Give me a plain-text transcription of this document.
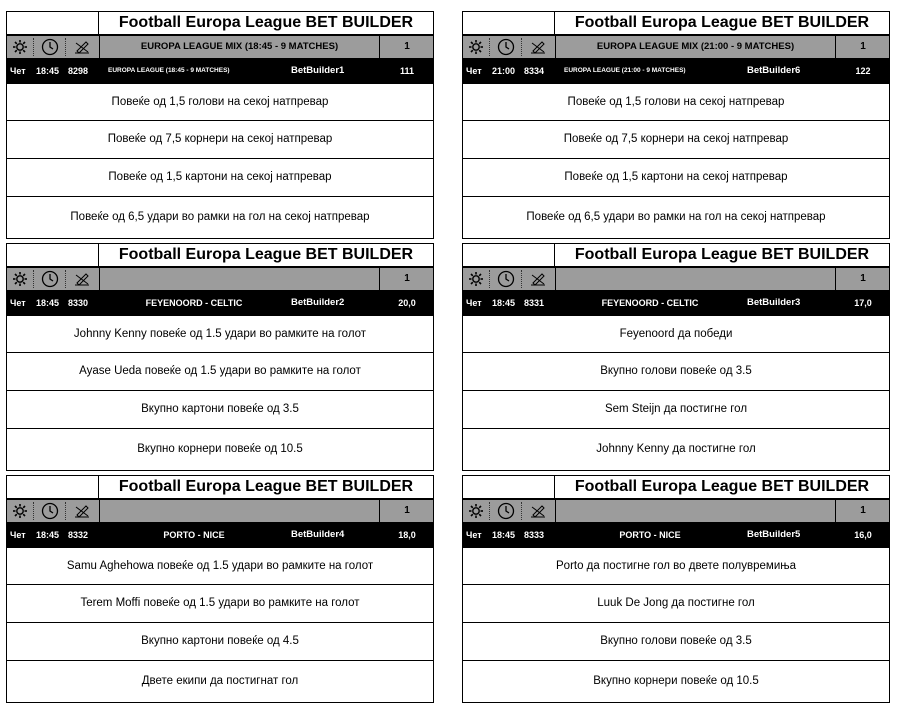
Football Europa League BET BUILDER
EUROPA LEAGUE MIX (18:45 - 9 MATCHES)	1
Чет 18:45 8298	EUROPA LEAGUE (18:45 - 9 MATCHES)	BetBuilder1	111
Повеќе од 1,5 голови на секој натпревар
Повеќе од 7,5 корнери на секој натпревар
Повеќе од 1,5 картони на секој натпревар
Повеќе од 6,5 удари во рамки на гол на секој натпревар
Football Europa League BET BUILDER
EUROPA LEAGUE MIX (21:00 - 9 MATCHES)	1
Чет 21:00 8334	EUROPA LEAGUE (21:00 - 9 MATCHES)	BetBuilder6	122
Повеќе од 1,5 голови на секој натпревар
Повеќе од 7,5 корнери на секој натпревар
Повеќе од 1,5 картони на секој натпревар
Повеќе од 6,5 удари во рамки на гол на секој натпревар
Football Europa League BET BUILDER
1
Чет 18:45 8330	FEYENOORD - CELTIC	BetBuilder2	20,0
Johnny Kenny повеќе од 1.5 удари во рамките на голот
Ayase Ueda повеќе од 1.5 удари во рамките на голот
Вкупно картони повеќе од 3.5
Вкупно корнери повеќе од 10.5
Football Europa League BET BUILDER
1
Чет 18:45 8331	FEYENOORD - CELTIC	BetBuilder3	17,0
Feyenoord да победи
Вкупно голови повеќе од 3.5
Sem Steijn да постигне гол
Johnny Kenny да постигне гол
Football Europa League BET BUILDER
1
Чет 18:45 8332	PORTO - NICE	BetBuilder4	18,0
Samu Aghehowa повеќе од 1.5 удари во рамките на голот
Terem Moffi повеќе од 1.5 удари во рамките на голот
Вкупно картони повеќе од 4.5
Двете екипи да постигнат гол
Football Europa League BET BUILDER
1
Чет 18:45 8333	PORTO - NICE	BetBuilder5	16,0
Porto да постигне гол во двете полувремиња
Luuk De Jong да постигне гол
Вкупно голови повеќе од 3.5
Вкупно корнери повеќе од 10.5
